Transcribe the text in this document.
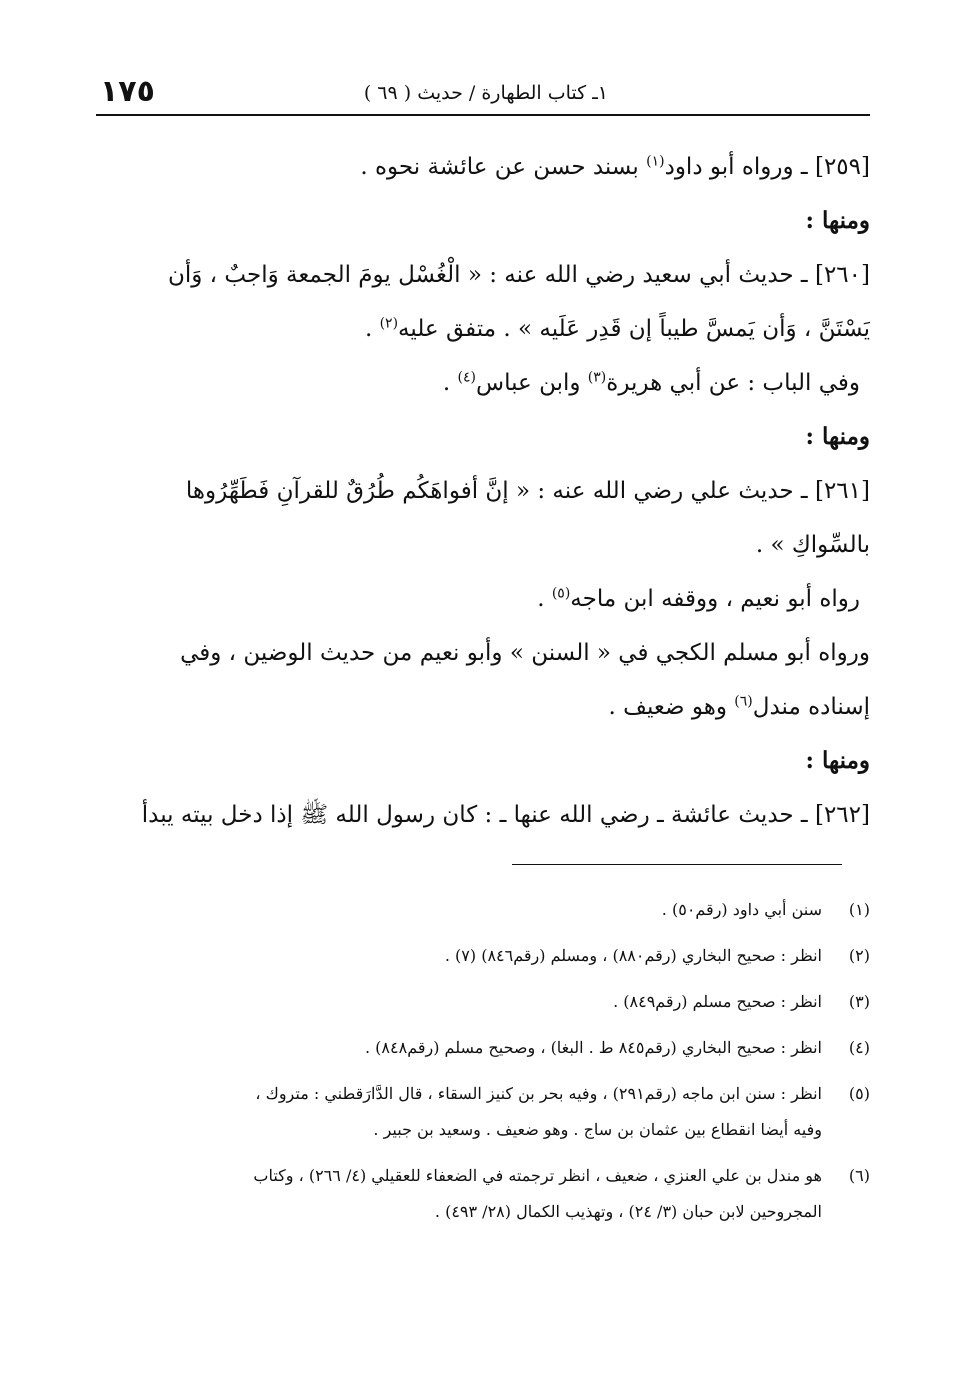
١٧٥	١ـ كتاب الطهارة / حديث ( ٦٩ )
[٢٥٩] ـ ورواه أبو داود$^{(١)}$ بسند حسن عن عائشة نحوه .
ومنها :
[٢٦٠] ـ حديث أبي سعيد رضي الله عنه : « الْغُسْل يومَ الجمعة وَاجبٌ ، وَأن
يَسْتَنَّ ، وَأن يَمسَّ طيباً إن قَدِر عَلَيه » . متفق عليه$^{(٢)}$ .
وفي الباب : عن أبي هريرة$^{(٣)}$ وابن عباس$^{(٤)}$ .
ومنها :
[٢٦١] ـ حديث علي رضي الله عنه : « إنَّ أفواهَكُم طُرُقٌ للقرآنِ فَطَهِّرُوها
بالسِّواكِ » .
رواه أبو نعيم ، ووقفه ابن ماجه$^{(٥)}$ .
ورواه أبو مسلم الكجي في « السنن » وأبو نعيم من حديث الوضين ، وفي
إسناده مندل$^{(٦)}$ وهو ضعيف .
ومنها :
[٢٦٢] ـ حديث عائشة ـ رضي الله عنها ـ : كان رسول الله ﷺ إذا دخل بيته يبدأ
(١)
سنن أبي داود (رقم٥٠) .
(٢)
انظر : صحيح البخاري (رقم٨٨٠) ، ومسلم (رقم٨٤٦) (٧) .
(٣)
انظر : صحيح مسلم (رقم٨٤٩) .
(٤)
انظر : صحيح البخاري (رقم٨٤٥ ط . البغا) ، وصحيح مسلم (رقم٨٤٨) .
(٥)
انظر : سنن ابن ماجه (رقم٢٩١) ، وفيه بحر بن كنيز السقاء ، قال الدَّارَقطني : متروك ،
وفيه أيضا انقطاع بين عثمان بن ساج . وهو ضعيف . وسعيد بن جبير .
(٦)
هو مندل بن علي العنزي ، ضعيف ، انظر ترجمته في الضعفاء للعقيلي (٤/ ٢٦٦) ، وكتاب
المجروحين لابن حبان (٣/ ٢٤) ، وتهذيب الكمال (٢٨/ ٤٩٣) .
